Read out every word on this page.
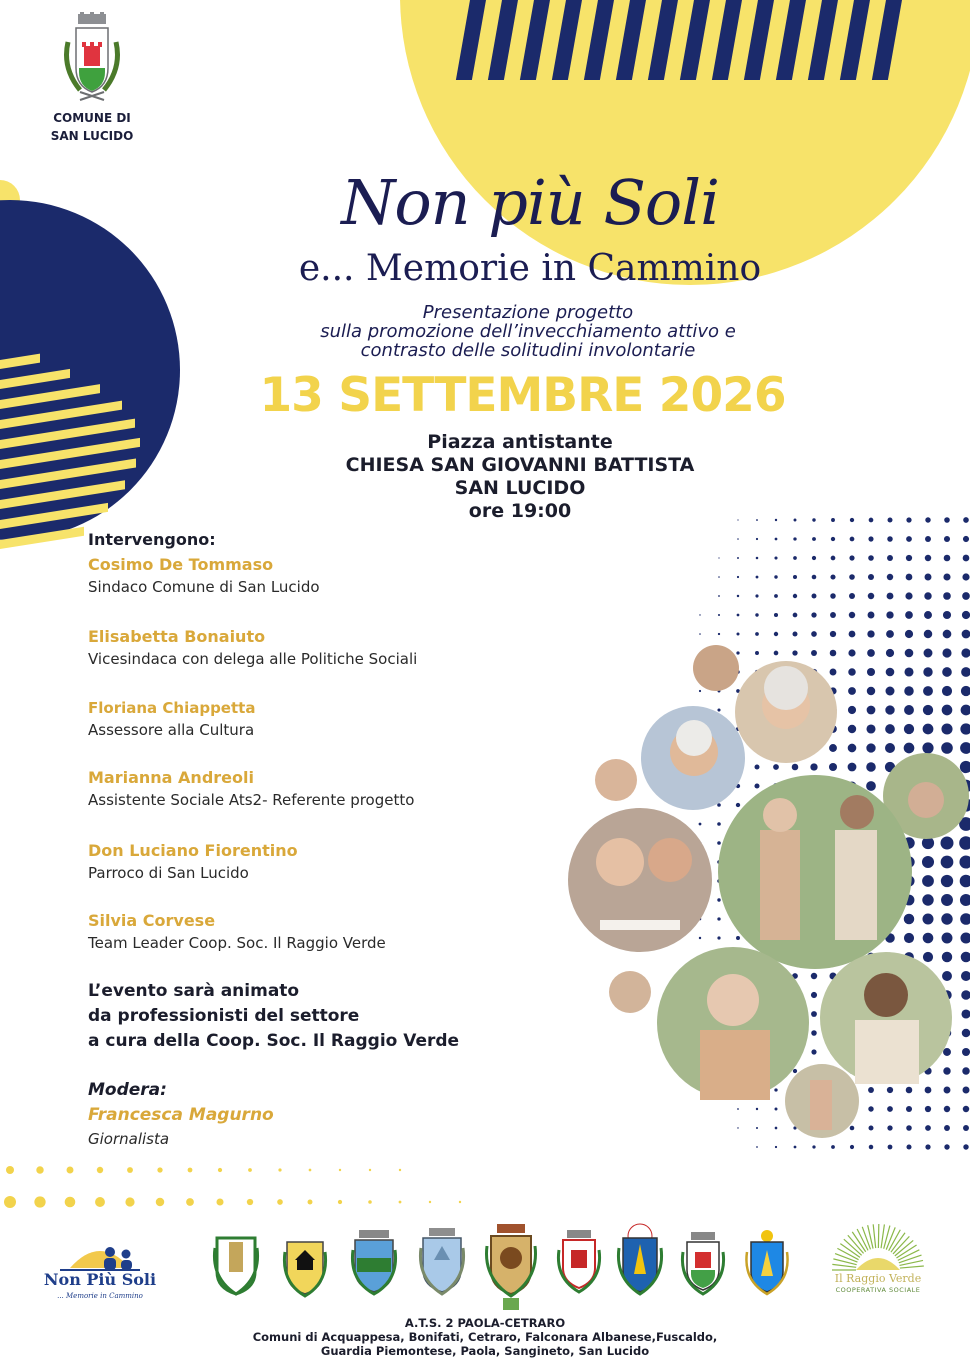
COMUNE DI
SAN LUCIDO
Non più Soli
e... Memorie in Cammino
Presentazione progetto
sulla promozione dell’invecchiamento attivo e
contrasto delle solitudini involontarie
13 SETTEMBRE 2026
Piazza antistante
CHIESA SAN GIOVANNI BATTISTA
SAN LUCIDO
ore 19:00
Intervengono:
Cosimo De Tommaso
Sindaco Comune di San Lucido
Elisabetta Bonaiuto
Vicesindaca con delega alle Politiche Sociali
Floriana Chiappetta
Assessore alla Cultura
Marianna Andreoli
Assistente Sociale Ats2- Referente progetto
Don Luciano Fiorentino
Parroco di San Lucido
Silvia Corvese
Team Leader Coop. Soc. Il Raggio Verde
L’evento sarà animato
da professionisti del settore
a cura della Coop. Soc. Il Raggio Verde
Modera:
Francesca Magurno
Giornalista
Non Più Soli
... Memorie in Cammino
Il Raggio Verde
COOPERATIVA SOCIALE
A.T.S. 2 PAOLA-CETRARO
Comuni di Acquappesa, Bonifati, Cetraro, Falconara Albanese,Fuscaldo,
Guardia Piemontese, Paola, Sangineto, San Lucido
